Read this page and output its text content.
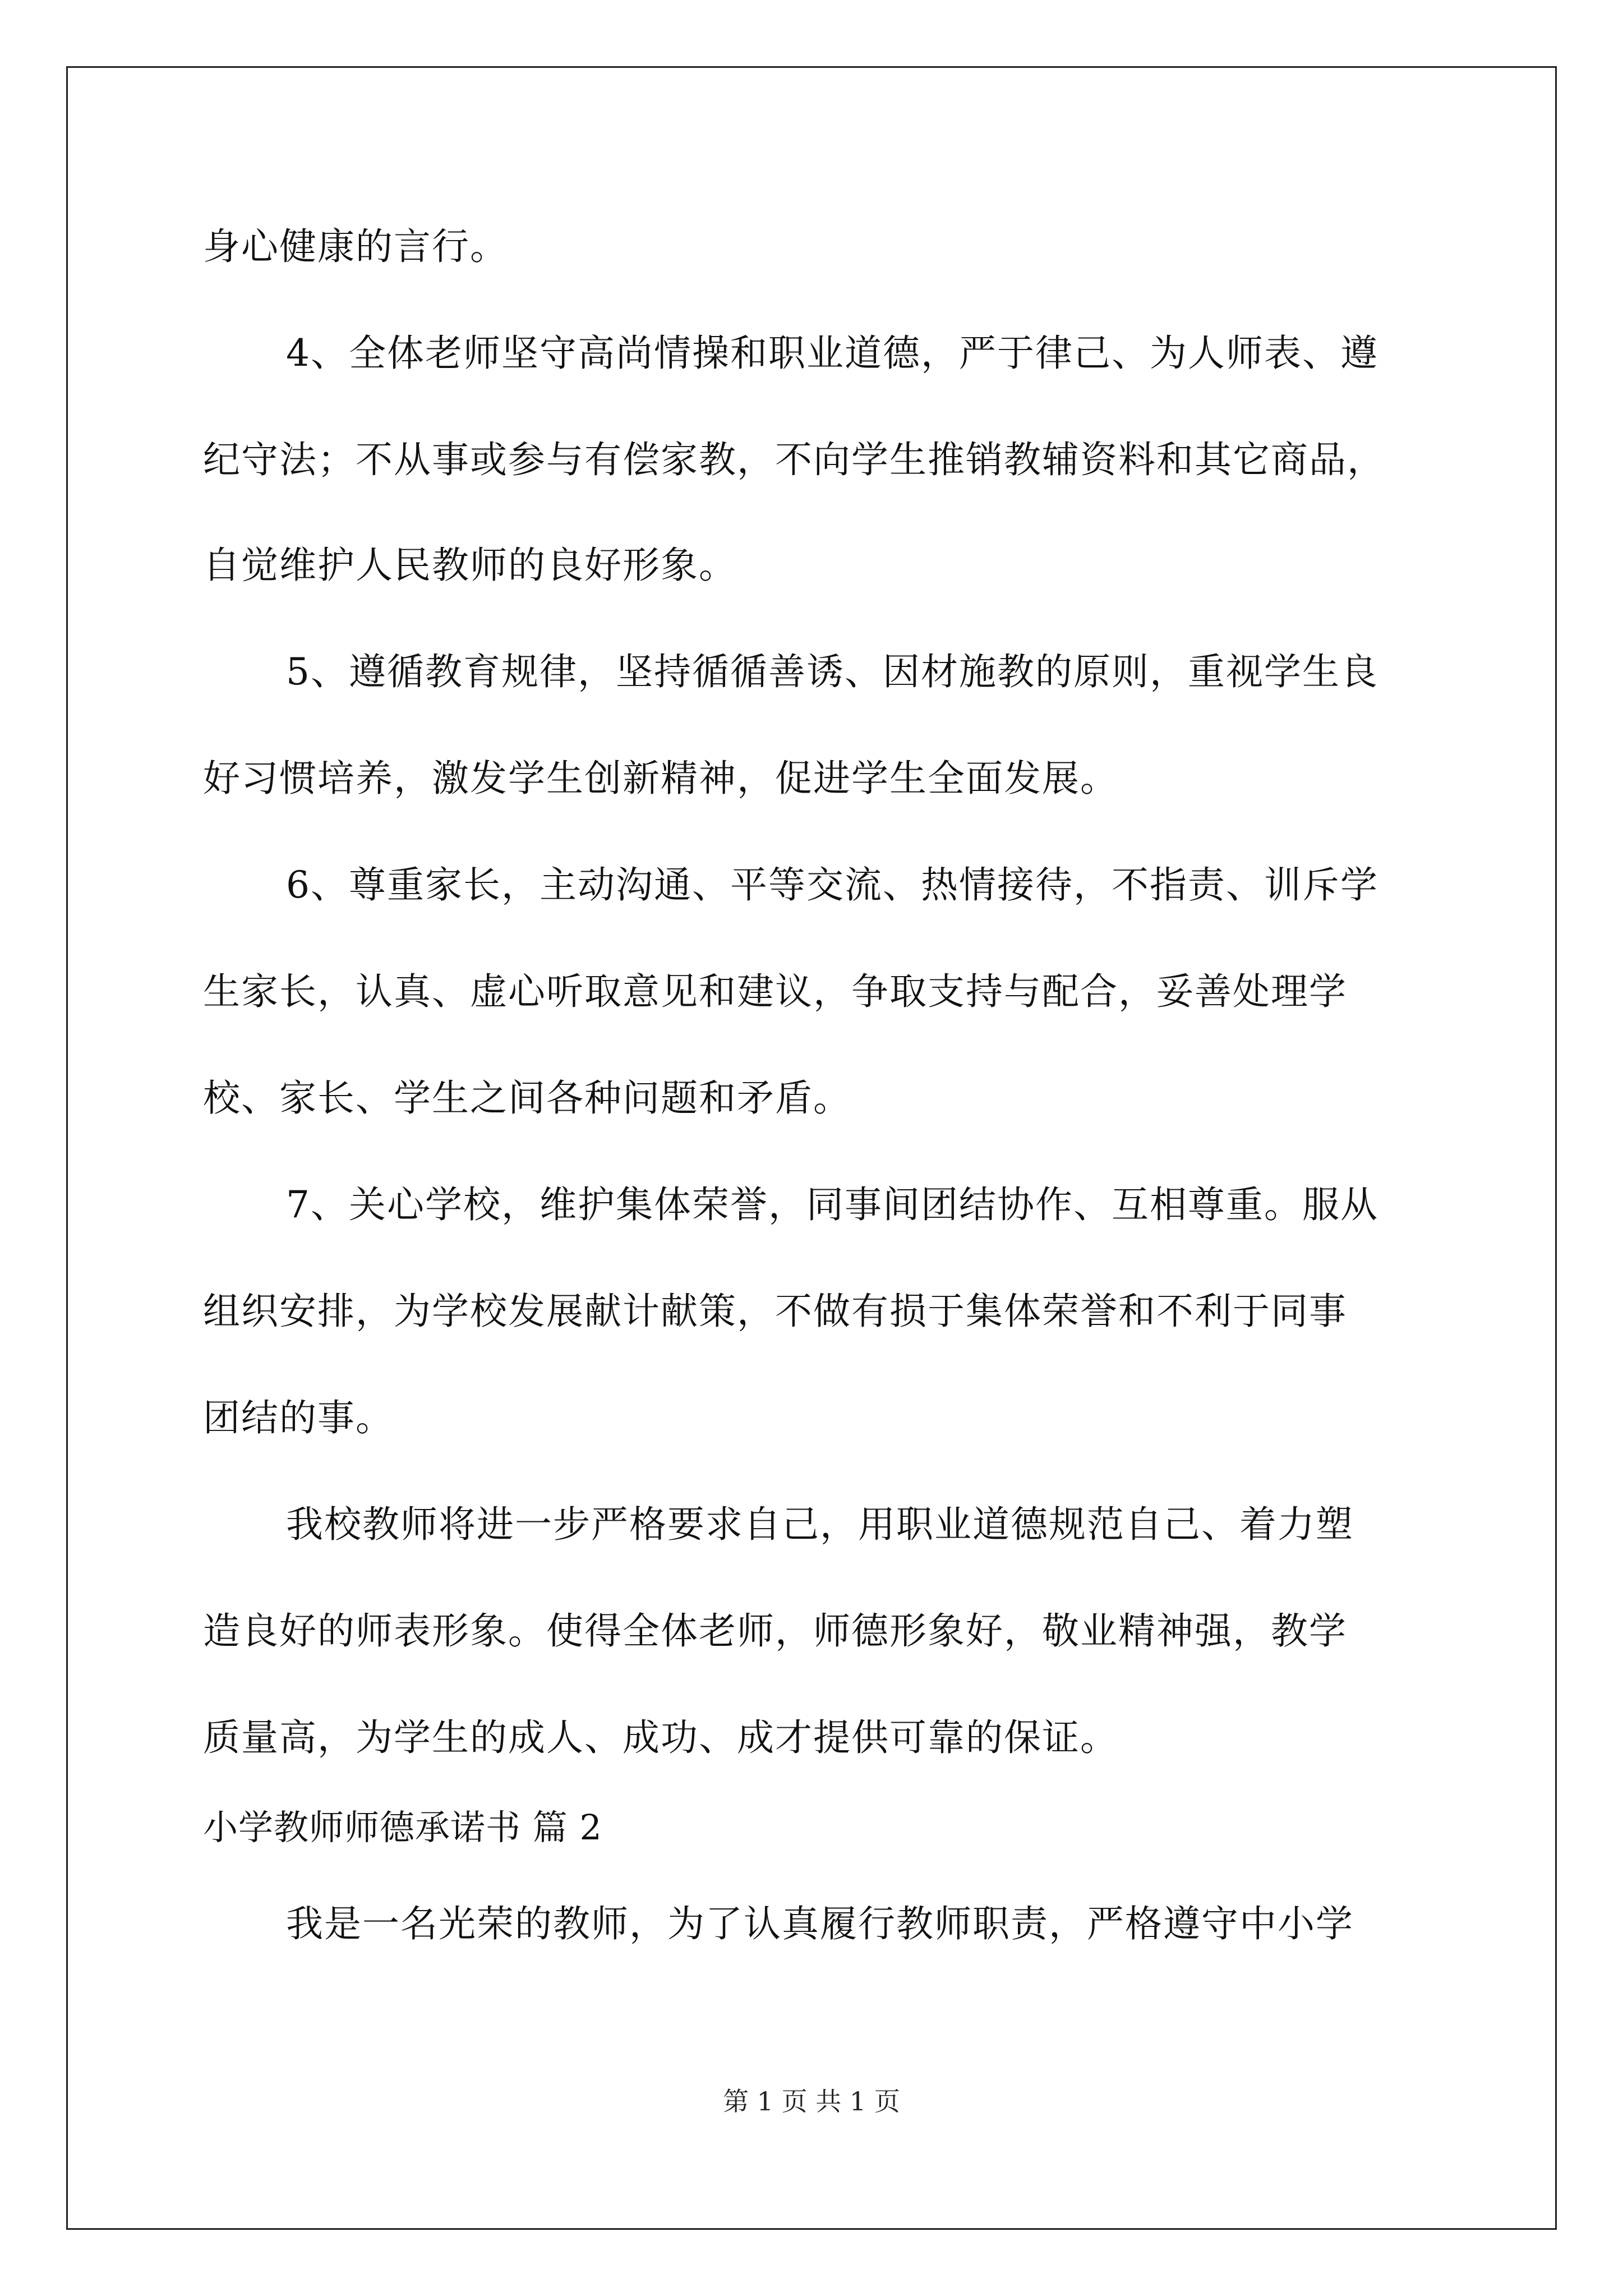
身心健康的言行。
4、全体老师坚守高尚情操和职业道德，严于律己、为人师表、遵
纪守法；不从事或参与有偿家教，不向学生推销教辅资料和其它商品，
自觉维护人民教师的良好形象。
5、遵循教育规律，坚持循循善诱、因材施教的原则，重视学生良
好习惯培养，激发学生创新精神，促进学生全面发展。
6、尊重家长，主动沟通、平等交流、热情接待，不指责、训斥学
生家长，认真、虚心听取意见和建议，争取支持与配合，妥善处理学
校、家长、学生之间各种问题和矛盾。
7、关心学校，维护集体荣誉，同事间团结协作、互相尊重。服从
组织安排，为学校发展献计献策，不做有损于集体荣誉和不利于同事
团结的事。
我校教师将进一步严格要求自己，用职业道德规范自己、着力塑
造良好的师表形象。使得全体老师，师德形象好，敬业精神强，教学
质量高，为学生的成人、成功、成才提供可靠的保证。
小学教师师德承诺书 篇 2
我是一名光荣的教师，为了认真履行教师职责，严格遵守中小学
第 1 页 共 1 页
